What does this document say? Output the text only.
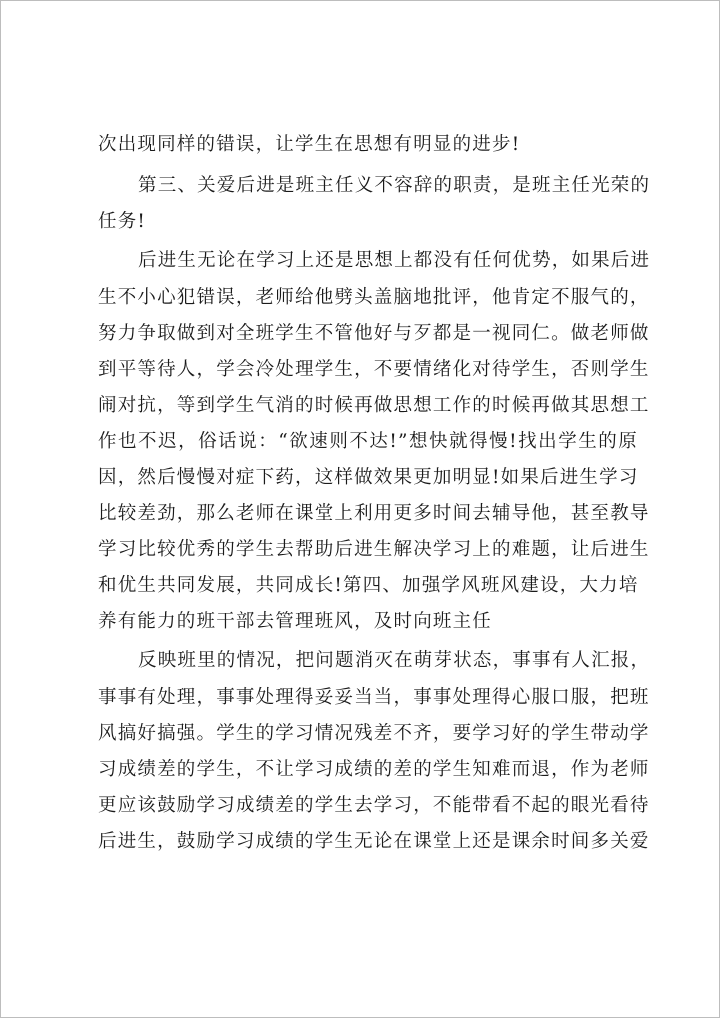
次出现同样的错误，让学生在思想有明显的进步!
第三、关爱后进是班主任义不容辞的职责，是班主任光荣的
任务!
后进生无论在学习上还是思想上都没有任何优势，如果后进
生不小心犯错误，老师给他劈头盖脑地批评，他肯定不服气的，
努力争取做到对全班学生不管他好与歹都是一视同仁。做老师做
到平等待人，学会冷处理学生，不要情绪化对待学生，否则学生
闹对抗，等到学生气消的时候再做思想工作的时候再做其思想工
作也不迟，俗话说：“欲速则不达!”想快就得慢!找出学生的原
因，然后慢慢对症下药，这样做效果更加明显!如果后进生学习
比较差劲，那么老师在课堂上利用更多时间去辅导他，甚至教导
学习比较优秀的学生去帮助后进生解决学习上的难题，让后进生
和优生共同发展，共同成长!第四、加强学风班风建设，大力培
养有能力的班干部去管理班风，及时向班主任
反映班里的情况，把问题消灭在萌芽状态，事事有人汇报，
事事有处理，事事处理得妥妥当当，事事处理得心服口服，把班
风搞好搞强。学生的学习情况残差不齐，要学习好的学生带动学
习成绩差的学生，不让学习成绩的差的学生知难而退，作为老师
更应该鼓励学习成绩差的学生去学习，不能带看不起的眼光看待
后进生，鼓励学习成绩的学生无论在课堂上还是课余时间多关爱
